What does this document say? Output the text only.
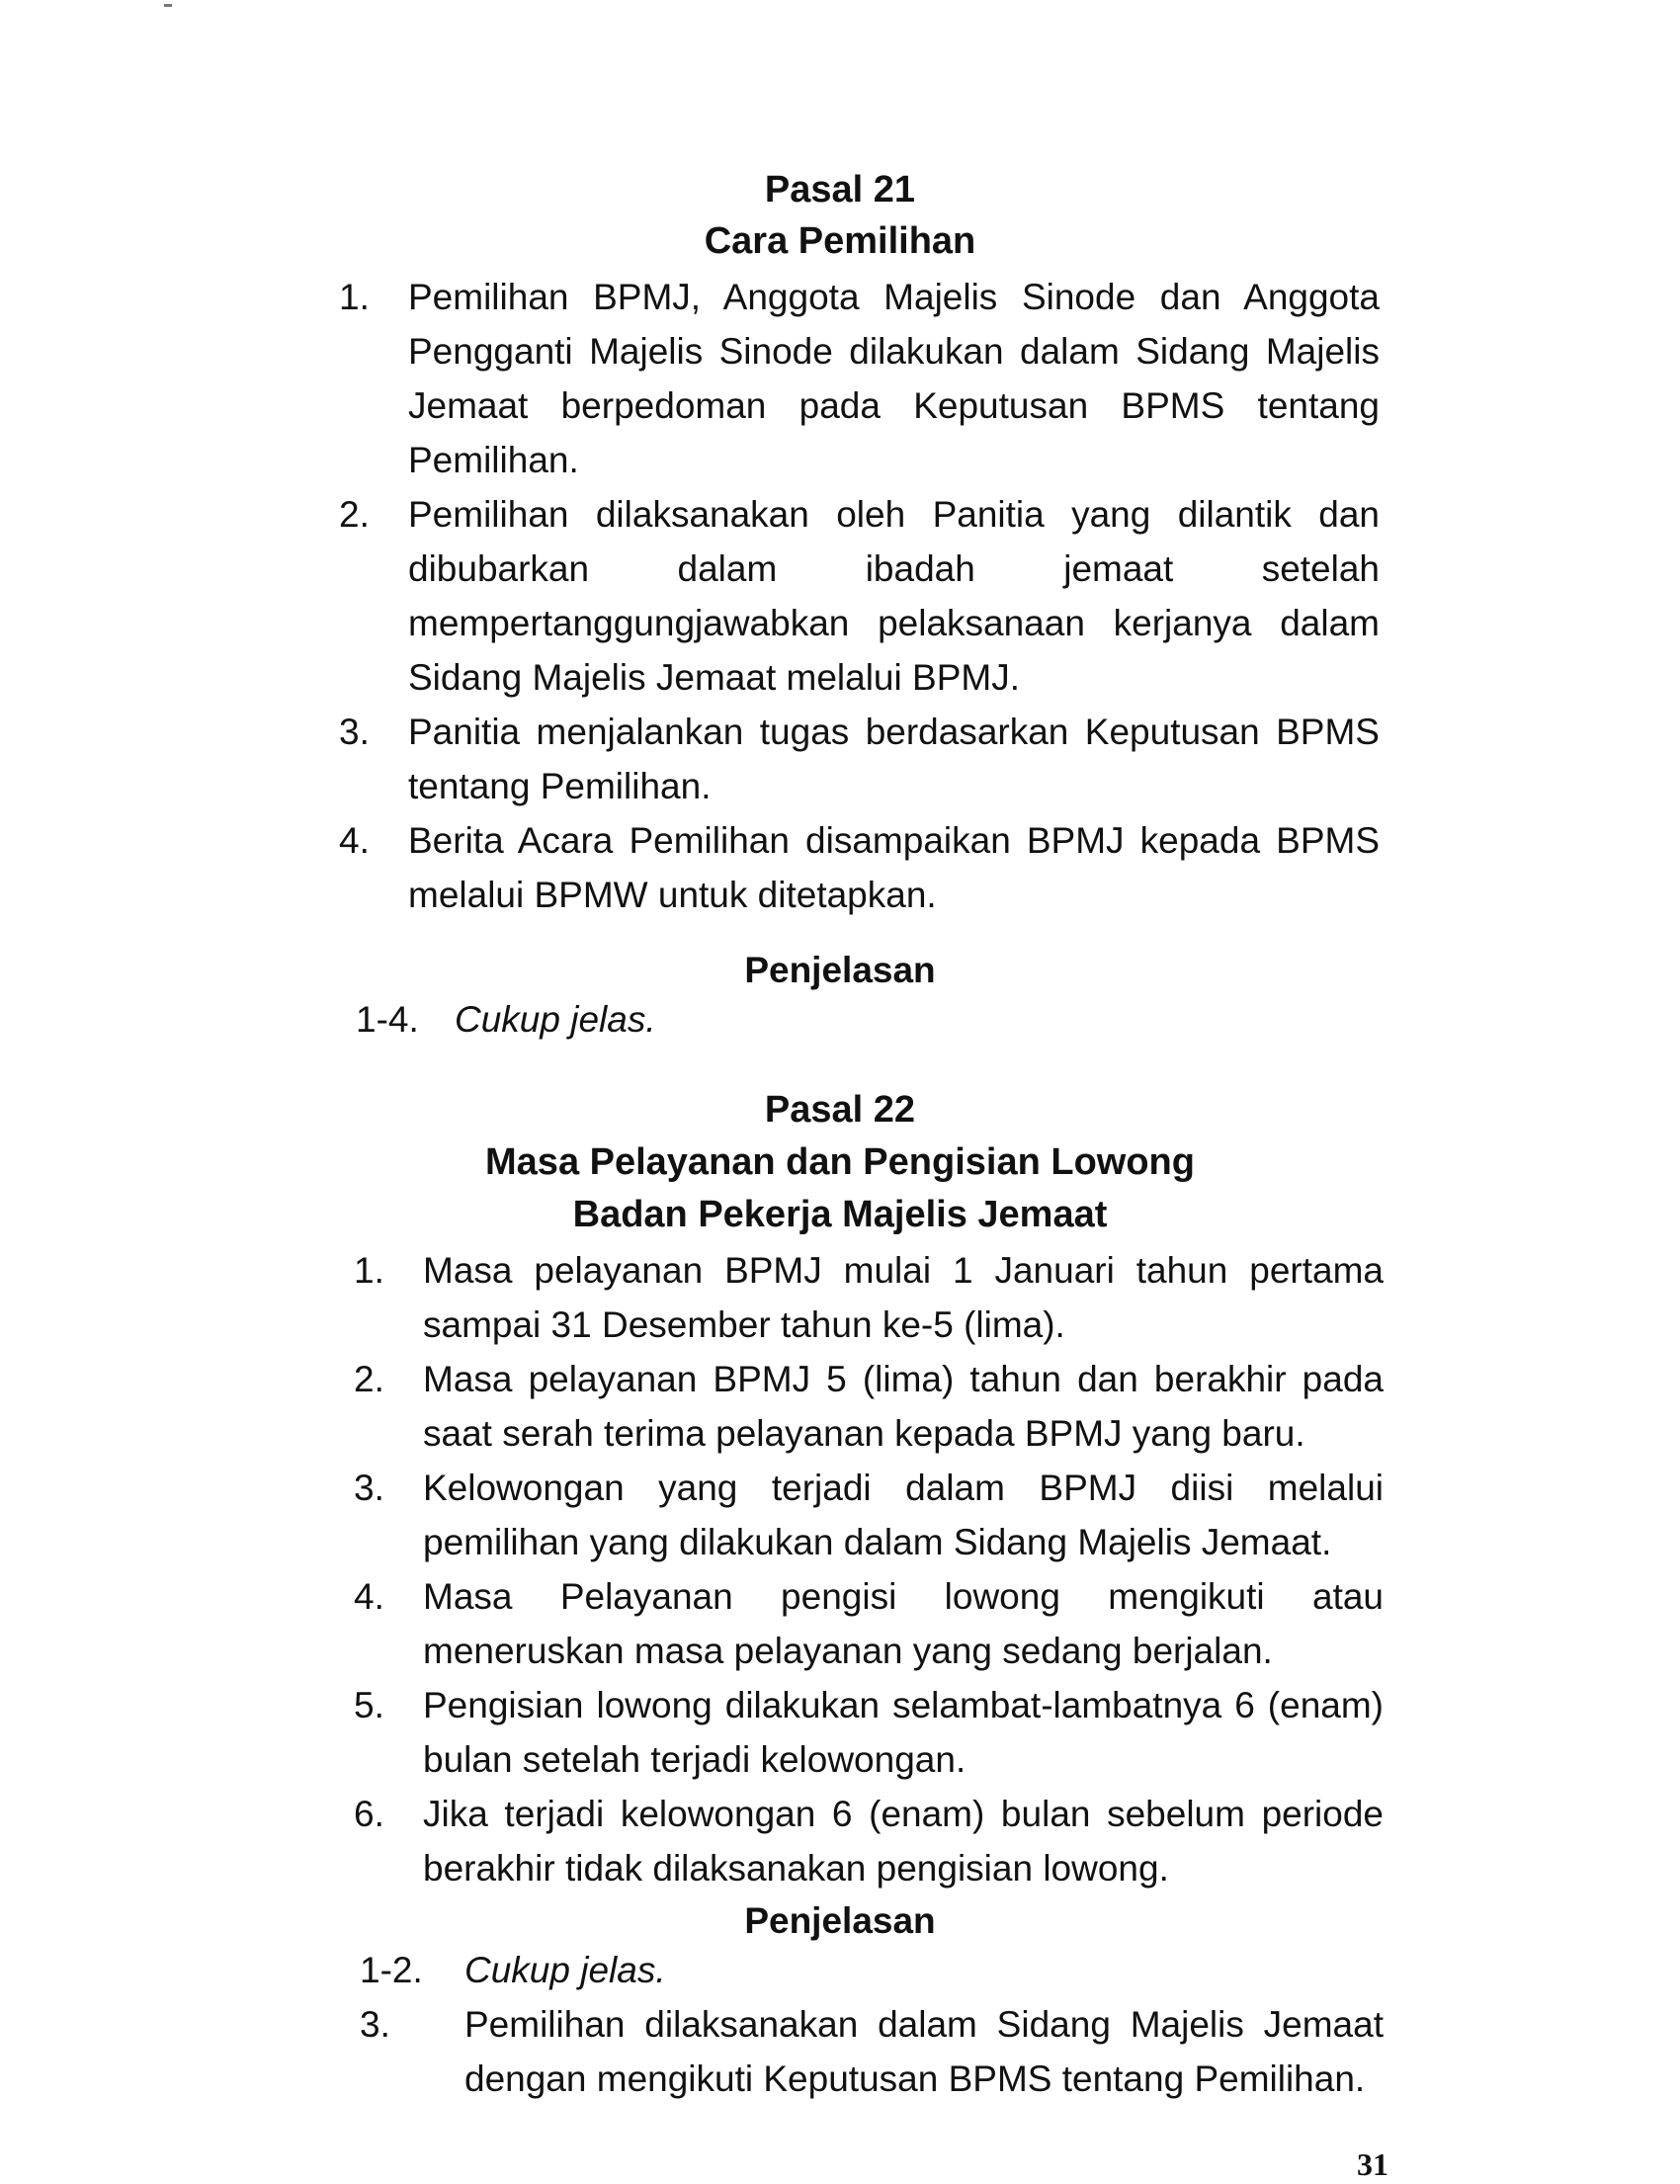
Pasal 21
Cara Pemilihan
1.	Pemilihan BPMJ, Anggota Majelis Sinode dan Anggota Pengganti Majelis Sinode dilakukan dalam Sidang Majelis Jemaat berpedoman pada Keputusan BPMS tentang Pemilihan.
2.	Pemilihan dilaksanakan oleh Panitia yang dilantik dan dibubarkan dalam ibadah jemaat setelah mempertanggungjawabkan pelaksanaan kerjanya dalam Sidang Majelis Jemaat melalui BPMJ.
3.	Panitia menjalankan tugas berdasarkan Keputusan BPMS tentang Pemilihan.
4.	Berita Acara Pemilihan disampaikan BPMJ kepada BPMS melalui BPMW untuk ditetapkan.
Penjelasan
1-4. Cukup jelas.
Pasal 22
Masa Pelayanan dan Pengisian Lowong
Badan Pekerja Majelis Jemaat
1.	Masa pelayanan BPMJ mulai 1 Januari tahun pertama sampai 31 Desember tahun ke-5 (lima).
2.	Masa pelayanan BPMJ 5 (lima) tahun dan berakhir pada saat serah terima pelayanan kepada BPMJ yang baru.
3.	Kelowongan yang terjadi dalam BPMJ diisi melalui pemilihan yang dilakukan dalam Sidang Majelis Jemaat.
4.	Masa Pelayanan pengisi lowong mengikuti atau meneruskan masa pelayanan yang sedang berjalan.
5.	Pengisian lowong dilakukan selambat-lambatnya 6 (enam) bulan setelah terjadi kelowongan.
6.	Jika terjadi kelowongan 6 (enam) bulan sebelum periode berakhir tidak dilaksanakan pengisian lowong.
Penjelasan
1-2.	Cukup jelas.
3.	Pemilihan dilaksanakan dalam Sidang Majelis Jemaat dengan mengikuti Keputusan BPMS tentang Pemilihan.
31
